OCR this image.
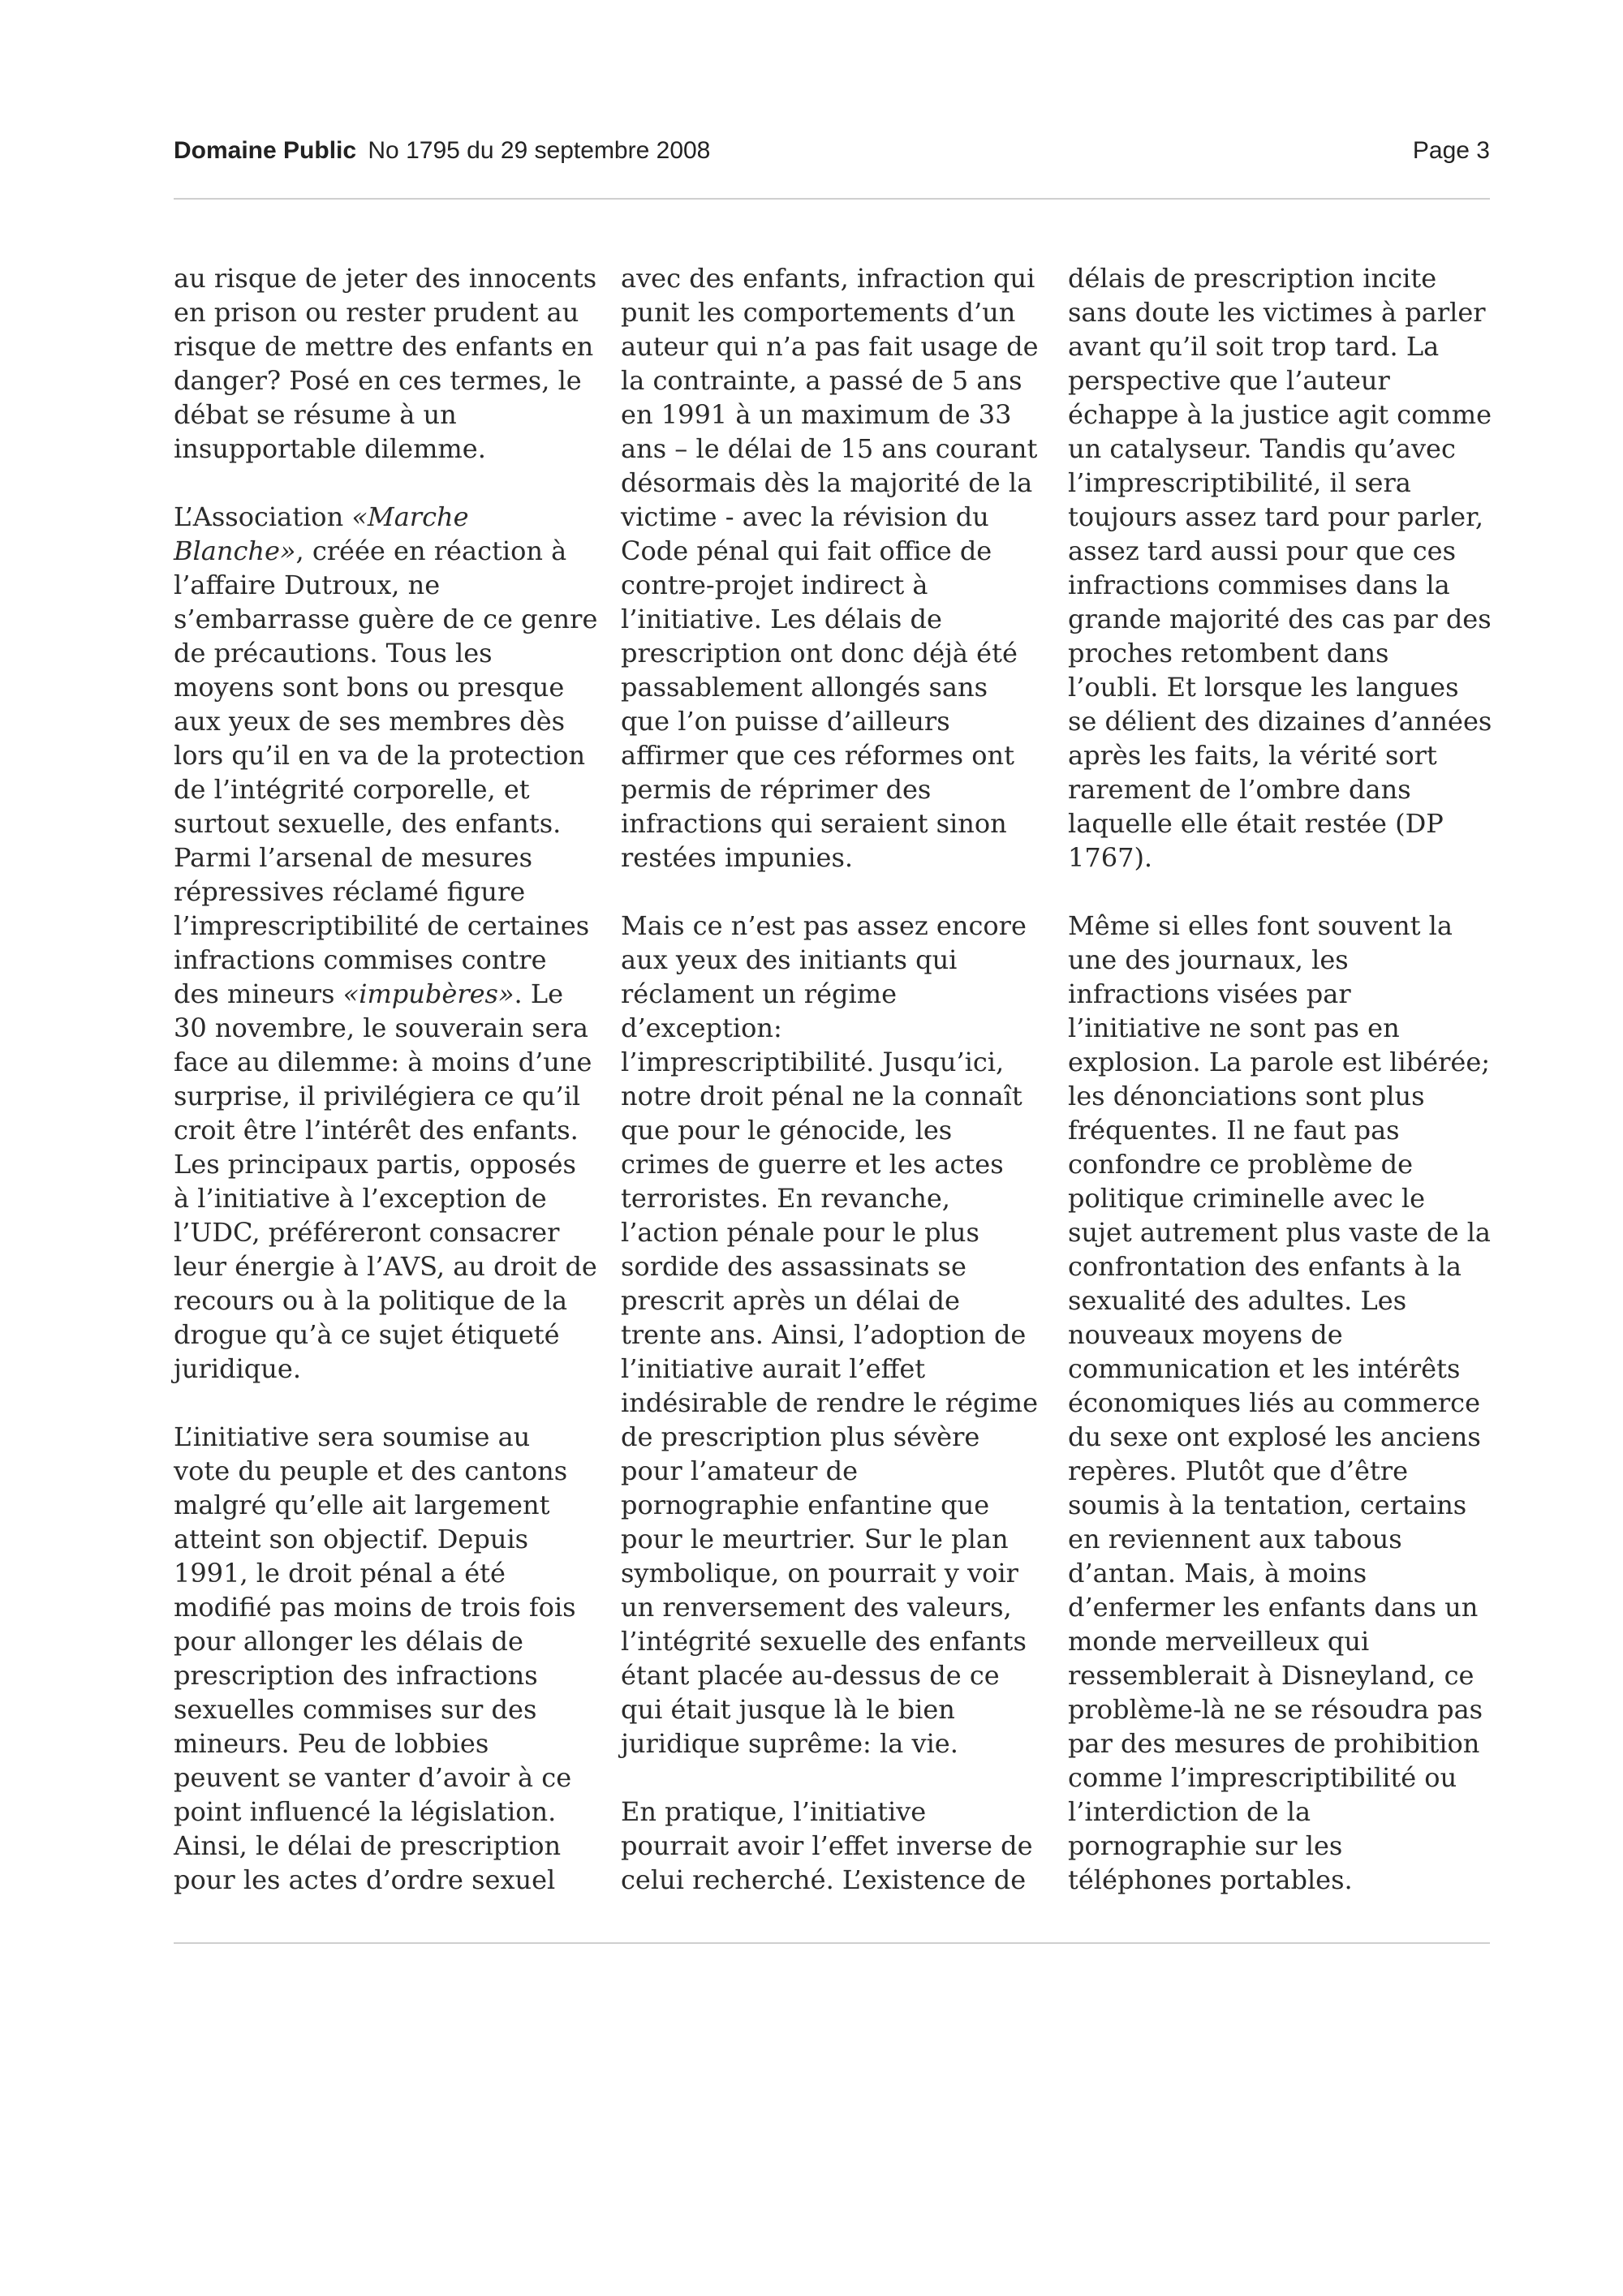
Domaine Public No 1795 du 29 septembre 2008	Page 3

au risque de jeter des innocents
en prison ou rester prudent au
risque de mettre des enfants en
danger? Posé en ces termes, le
débat se résume à un
insupportable dilemme.

L’Association «Marche
Blanche», créée en réaction à
l’affaire Dutroux, ne
s’embarrasse guère de ce genre
de précautions. Tous les
moyens sont bons ou presque
aux yeux de ses membres dès
lors qu’il en va de la protection
de l’intégrité corporelle, et
surtout sexuelle, des enfants.
Parmi l’arsenal de mesures
répressives réclamé figure
l’imprescriptibilité de certaines
infractions commises contre
des mineurs «impubères». Le
30 novembre, le souverain sera
face au dilemme: à moins d’une
surprise, il privilégiera ce qu’il
croit être l’intérêt des enfants.
Les principaux partis, opposés
à l’initiative à l’exception de
l’UDC, préféreront consacrer
leur énergie à l’AVS, au droit de
recours ou à la politique de la
drogue qu’à ce sujet étiqueté
juridique.

L’initiative sera soumise au
vote du peuple et des cantons
malgré qu’elle ait largement
atteint son objectif. Depuis
1991, le droit pénal a été
modifié pas moins de trois fois
pour allonger les délais de
prescription des infractions
sexuelles commises sur des
mineurs. Peu de lobbies
peuvent se vanter d’avoir à ce
point influencé la législation.
Ainsi, le délai de prescription
pour les actes d’ordre sexuel

avec des enfants, infraction qui
punit les comportements d’un
auteur qui n’a pas fait usage de
la contrainte, a passé de 5 ans
en 1991 à un maximum de 33
ans – le délai de 15 ans courant
désormais dès la majorité de la
victime - avec la révision du
Code pénal qui fait office de
contre-projet indirect à
l’initiative. Les délais de
prescription ont donc déjà été
passablement allongés sans
que l’on puisse d’ailleurs
affirmer que ces réformes ont
permis de réprimer des
infractions qui seraient sinon
restées impunies.

Mais ce n’est pas assez encore
aux yeux des initiants qui
réclament un régime
d’exception:
l’imprescriptibilité. Jusqu’ici,
notre droit pénal ne la connaît
que pour le génocide, les
crimes de guerre et les actes
terroristes. En revanche,
l’action pénale pour le plus
sordide des assassinats se
prescrit après un délai de
trente ans. Ainsi, l’adoption de
l’initiative aurait l’effet
indésirable de rendre le régime
de prescription plus sévère
pour l’amateur de
pornographie enfantine que
pour le meurtrier. Sur le plan
symbolique, on pourrait y voir
un renversement des valeurs,
l’intégrité sexuelle des enfants
étant placée au-dessus de ce
qui était jusque là le bien
juridique suprême: la vie.

En pratique, l’initiative
pourrait avoir l’effet inverse de
celui recherché. L’existence de

délais de prescription incite
sans doute les victimes à parler
avant qu’il soit trop tard. La
perspective que l’auteur
échappe à la justice agit comme
un catalyseur. Tandis qu’avec
l’imprescriptibilité, il sera
toujours assez tard pour parler,
assez tard aussi pour que ces
infractions commises dans la
grande majorité des cas par des
proches retombent dans
l’oubli. Et lorsque les langues
se délient des dizaines d’années
après les faits, la vérité sort
rarement de l’ombre dans
laquelle elle était restée (DP
1767).

Même si elles font souvent la
une des journaux, les
infractions visées par
l’initiative ne sont pas en
explosion. La parole est libérée;
les dénonciations sont plus
fréquentes. Il ne faut pas
confondre ce problème de
politique criminelle avec le
sujet autrement plus vaste de la
confrontation des enfants à la
sexualité des adultes. Les
nouveaux moyens de
communication et les intérêts
économiques liés au commerce
du sexe ont explosé les anciens
repères. Plutôt que d’être
soumis à la tentation, certains
en reviennent aux tabous
d’antan. Mais, à moins
d’enfermer les enfants dans un
monde merveilleux qui
ressemblerait à Disneyland, ce
problème-là ne se résoudra pas
par des mesures de prohibition
comme l’imprescriptibilité ou
l’interdiction de la
pornographie sur les
téléphones portables.
